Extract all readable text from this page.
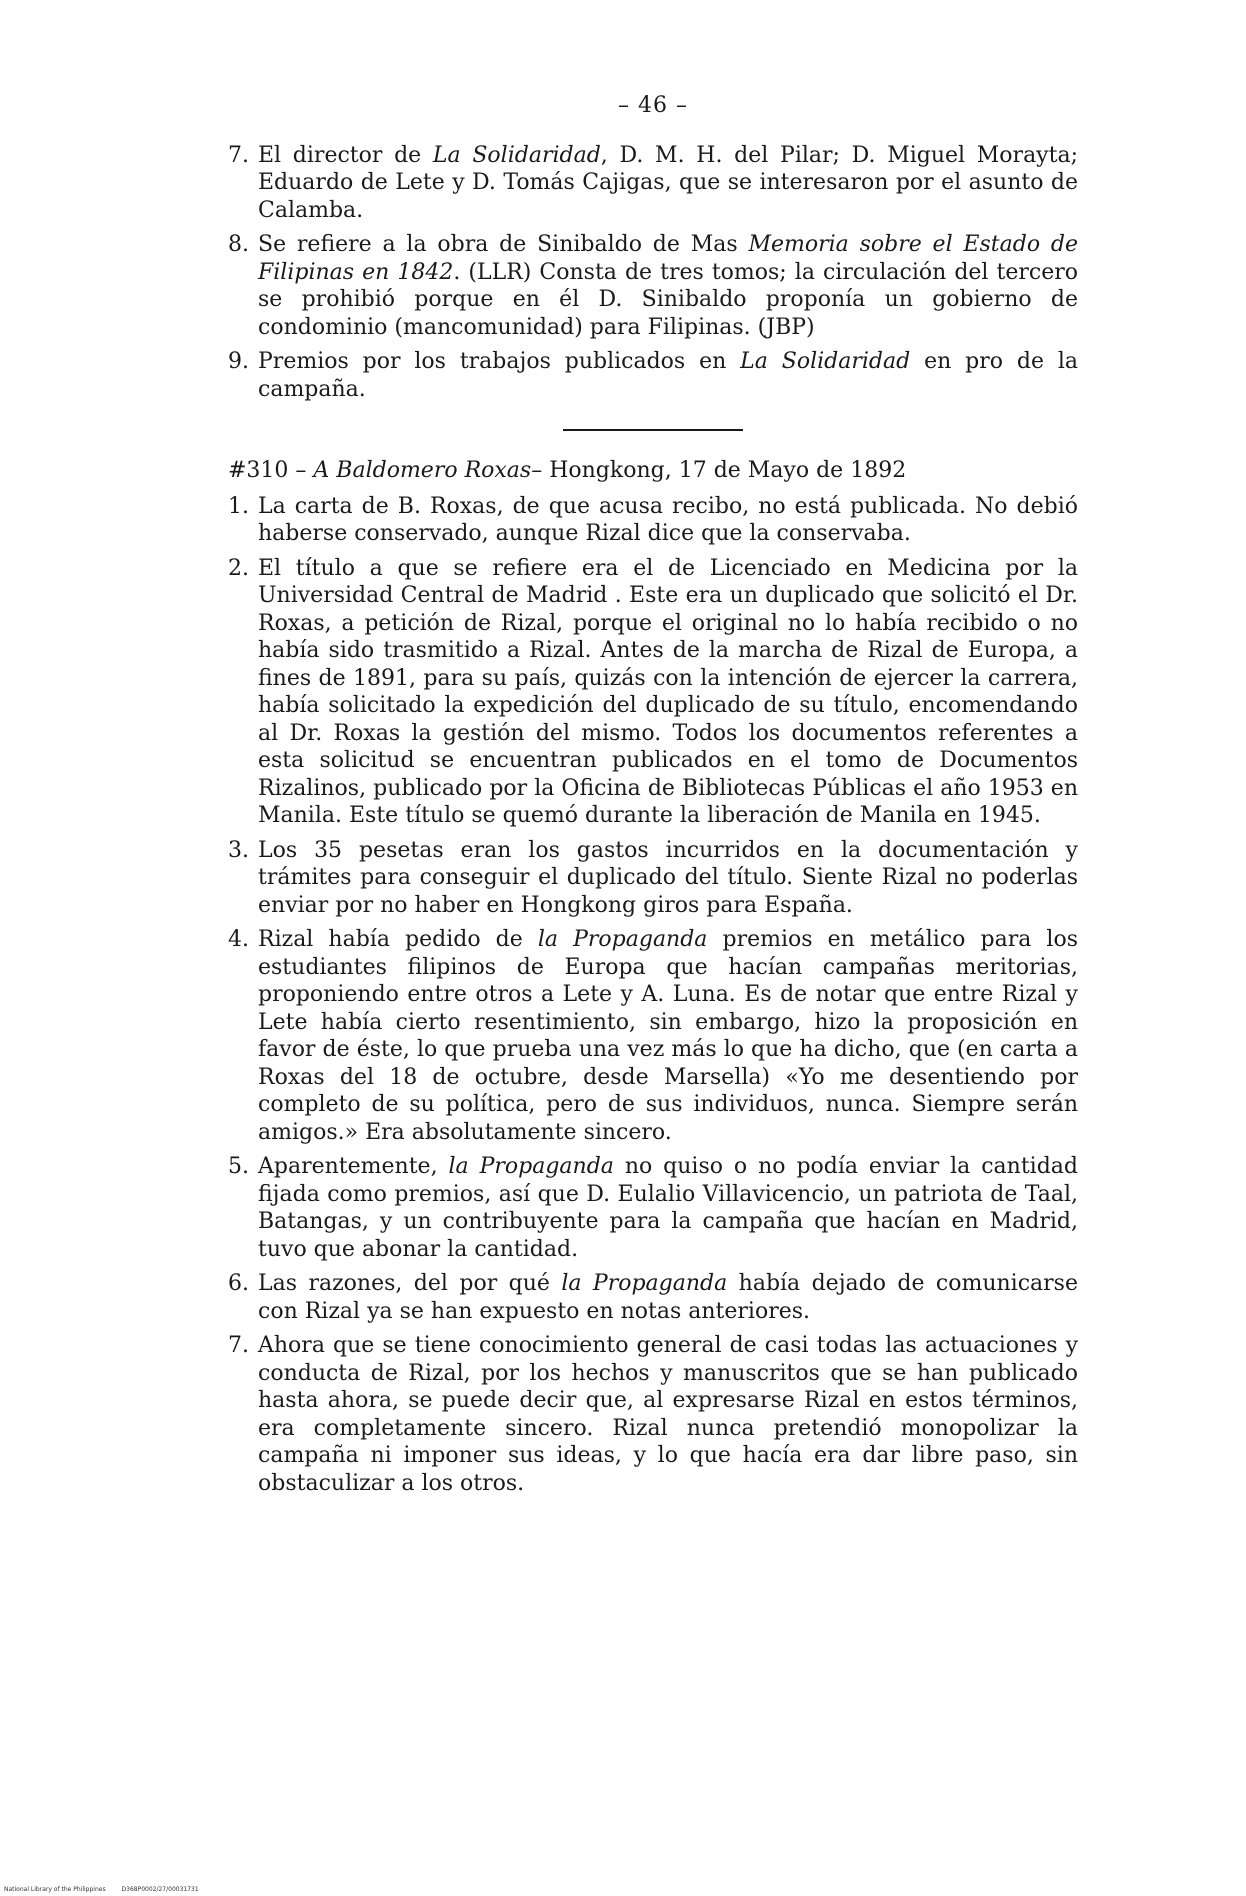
– 46 –
7. El director de La Solidaridad, D. M. H. del Pilar; D. Miguel Morayta; Eduardo de Lete y D. Tomás Cajigas, que se interesaron por el asunto de Calamba.
8. Se refiere a la obra de Sinibaldo de Mas Memoria sobre el Estado de Filipinas en 1842. (LLR) Consta de tres tomos; la circulación del tercero se prohibió porque en él D. Sinibaldo proponía un gobierno de condominio (mancomunidad) para Filipinas. (JBP)
9. Premios por los trabajos publicados en La Solidaridad en pro de la campaña.
#310 – A Baldomero Roxas– Hongkong, 17 de Mayo de 1892
1. La carta de B. Roxas, de que acusa recibo, no está publicada. No debió haberse conservado, aunque Rizal dice que la conservaba.
2. El título a que se refiere era el de Licenciado en Medicina por la Universidad Central de Madrid . Este era un duplicado que solicitó el Dr. Roxas, a petición de Rizal, porque el original no lo había recibido o no había sido trasmitido a Rizal. Antes de la marcha de Rizal de Europa, a fines de 1891, para su país, quizás con la intención de ejercer la carrera, había solicitado la expedición del duplicado de su título, encomendando al Dr. Roxas la gestión del mismo. Todos los documentos referentes a esta solicitud se encuentran publicados en el tomo de Documentos Rizalinos, publicado por la Oficina de Bibliotecas Públicas el año 1953 en Manila. Este título se quemó durante la liberación de Manila en 1945.
3. Los 35 pesetas eran los gastos incurridos en la documentación y trámites para conseguir el duplicado del título. Siente Rizal no poderlas enviar por no haber en Hongkong giros para España.
4. Rizal había pedido de la Propaganda premios en metálico para los estudiantes filipinos de Europa que hacían campañas meritorias, proponiendo entre otros a Lete y A. Luna. Es de notar que entre Rizal y Lete había cierto resentimiento, sin embargo, hizo la proposición en favor de éste, lo que prueba una vez más lo que ha dicho, que (en carta a Roxas del 18 de octubre, desde Marsella) «Yo me desentiendo por completo de su política, pero de sus individuos, nunca. Siempre serán amigos.» Era absolutamente sincero.
5. Aparentemente, la Propaganda no quiso o no podía enviar la cantidad fijada como premios, así que D. Eulalio Villavicencio, un patriota de Taal, Batangas, y un contribuyente para la campaña que hacían en Madrid, tuvo que abonar la cantidad.
6. Las razones, del por qué la Propaganda había dejado de comunicarse con Rizal ya se han expuesto en notas anteriores.
7. Ahora que se tiene conocimiento general de casi todas las actuaciones y conducta de Rizal, por los hechos y manuscritos que se han publicado hasta ahora, se puede decir que, al expresarse Rizal en estos términos, era completamente sincero. Rizal nunca pretendió monopolizar la campaña ni imponer sus ideas, y lo que hacía era dar libre paso, sin obstaculizar a los otros.
National Library of the Philippines	D368P0002/27/00031731
